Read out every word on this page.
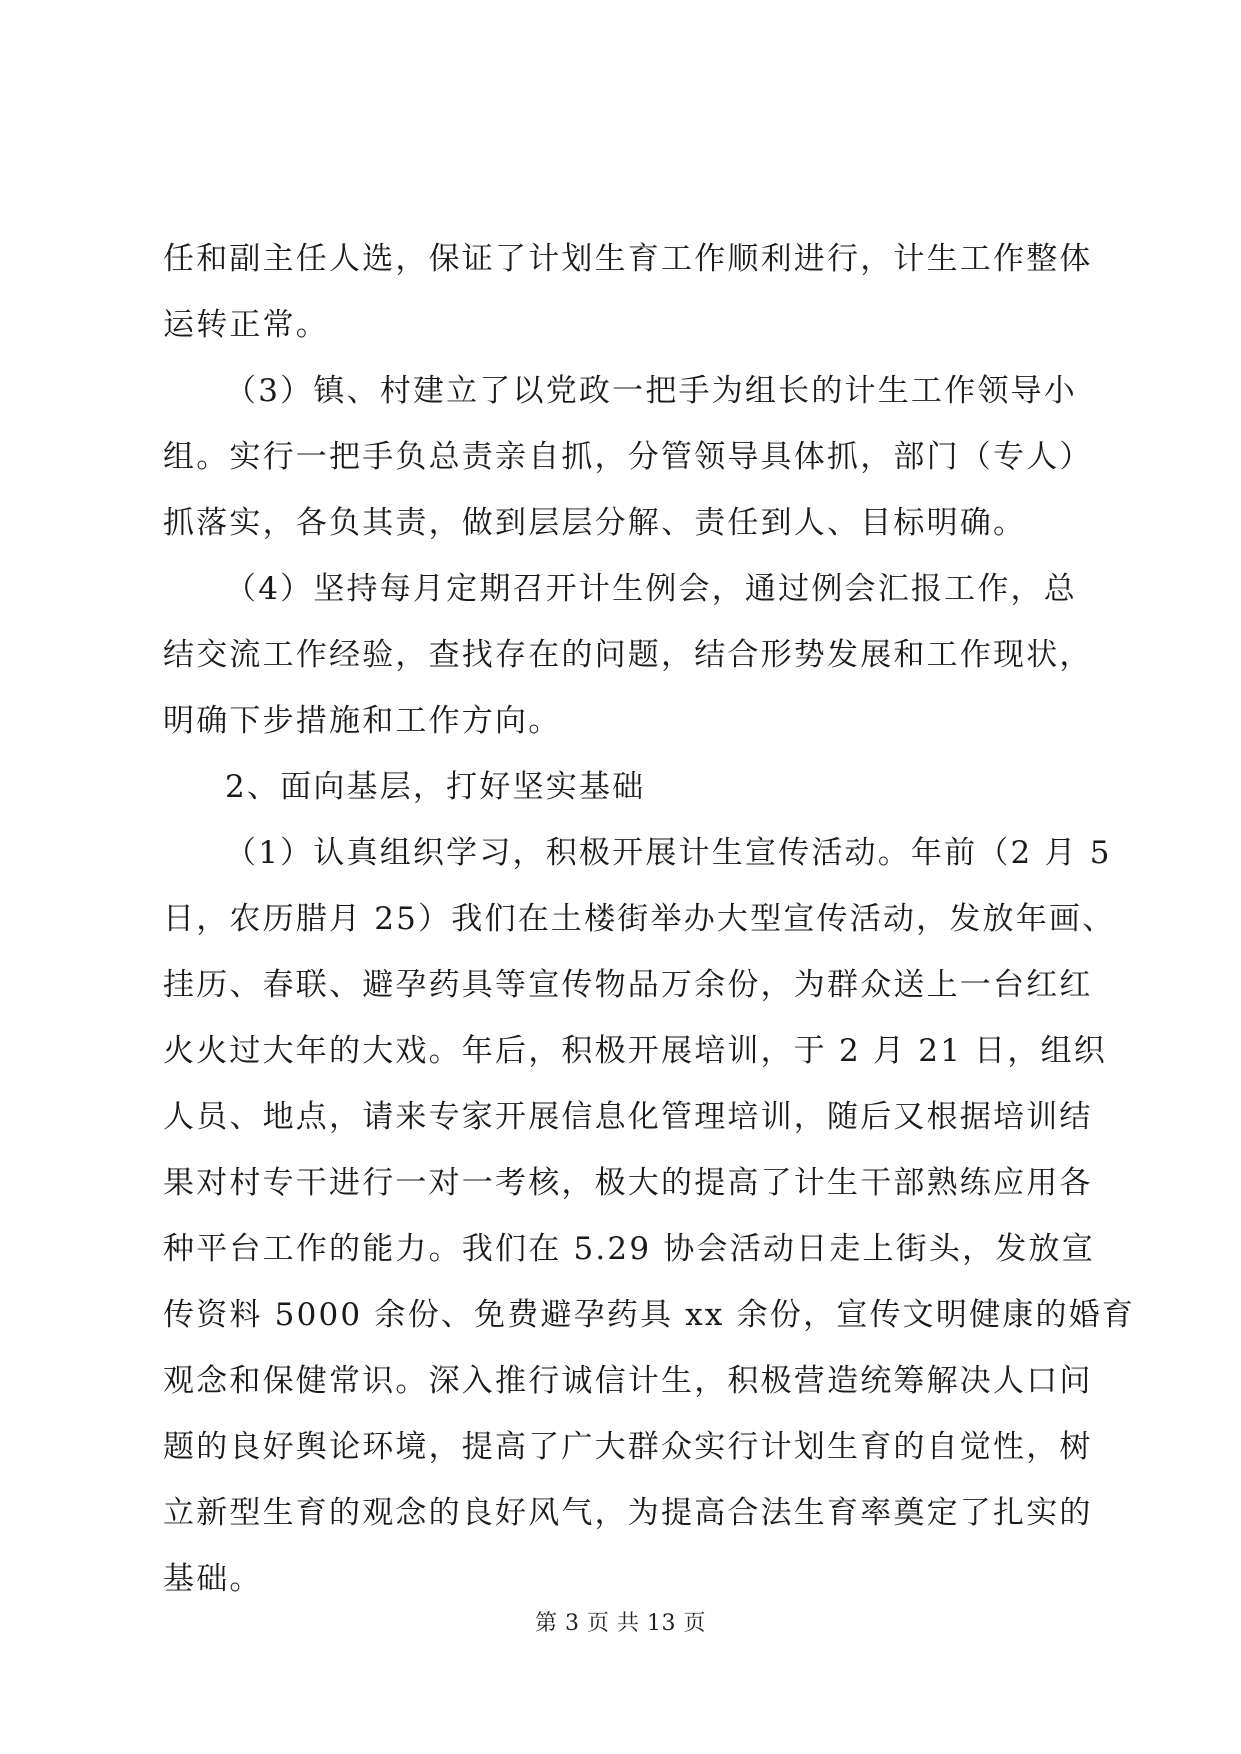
任和副主任人选，保证了计划生育工作顺利进行，计生工作整体
运转正常。

（3）镇、村建立了以党政一把手为组长的计生工作领导小
组。实行一把手负总责亲自抓，分管领导具体抓，部门（专人）
抓落实，各负其责，做到层层分解、责任到人、目标明确。

（4）坚持每月定期召开计生例会，通过例会汇报工作，总
结交流工作经验，查找存在的问题，结合形势发展和工作现状，
明确下步措施和工作方向。

2、面向基层，打好坚实基础

（1）认真组织学习，积极开展计生宣传活动。年前（2 月 5
日，农历腊月 25）我们在土楼街举办大型宣传活动，发放年画、
挂历、春联、避孕药具等宣传物品万余份，为群众送上一台红红
火火过大年的大戏。年后，积极开展培训，于 2 月 21 日，组织
人员、地点，请来专家开展信息化管理培训，随后又根据培训结
果对村专干进行一对一考核，极大的提高了计生干部熟练应用各
种平台工作的能力。我们在 5.29 协会活动日走上街头，发放宣
传资料 5000 余份、免费避孕药具 xx 余份，宣传文明健康的婚育
观念和保健常识。深入推行诚信计生，积极营造统筹解决人口问
题的良好舆论环境，提高了广大群众实行计划生育的自觉性，树
立新型生育的观念的良好风气，为提高合法生育率奠定了扎实的
基础。

第 3 页 共 13 页
